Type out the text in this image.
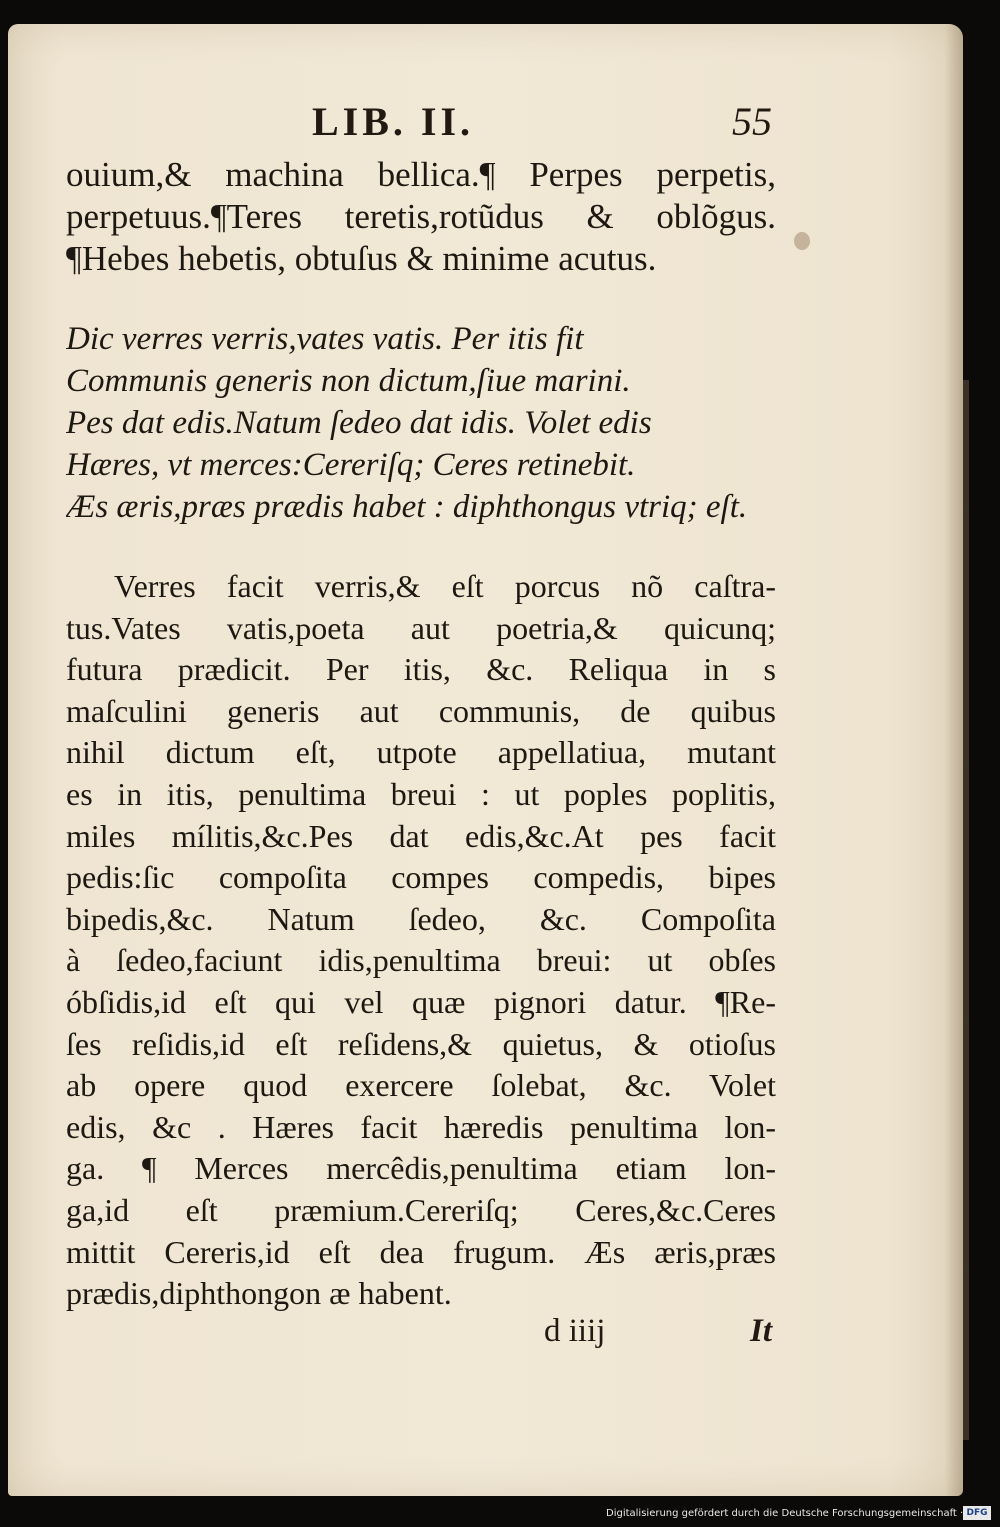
LIB. II.	55
ouium,& machina bellica.¶ Perpes perpetis,
perpetuus.¶Teres teretis,rotũdus & oblõgus.
¶Hebes hebetis, obtuſus & minime acutus.
Dic verres verris,vates vatis. Per itis fit
Communis generis non dictum,ſiue marini.
Pes dat edis.Natum ſedeo dat idis. Volet edis
Hæres, vt merces:Cereriſq; Ceres retinebit.
Æs æris,præs prædis habet : diphthongus vtriq; eſt.
Verres facit verris,& eſt porcus nõ caſtra-
tus.Vates vatis,poeta aut poetria,& quicunq;
futura prædicit. Per itis, &c. Reliqua in s
maſculini generis aut communis, de quibus
nihil dictum eſt, utpote appellatiua, mutant
es in itis, penultima breui : ut poples poplitis,
miles mílitis,&c.Pes dat edis,&c.At pes facit
pedis:ſic compoſita compes compedis, bipes
bipedis,&c. Natum ſedeo, &c. Compoſita
à ſedeo,faciunt idis,penultima breui: ut obſes
óbſidis,id eſt qui vel quæ pignori datur. ¶Re-
ſes reſidis,id eſt reſidens,& quietus, & otioſus
ab opere quod exercere ſolebat, &c. Volet
edis, &c . Hæres facit hæredis penultima lon-
ga. ¶ Merces mercêdis,penultima etiam lon-
ga,id eſt præmium.Cereriſq; Ceres,&c.Ceres
mittit Cereris,id eſt dea frugum. Æs æris,præs
prædis,diphthongon æ habent.
d iiij	It
Digitalisierung gefördert durch die Deutsche Forschungsgemeinschaft · DFG
